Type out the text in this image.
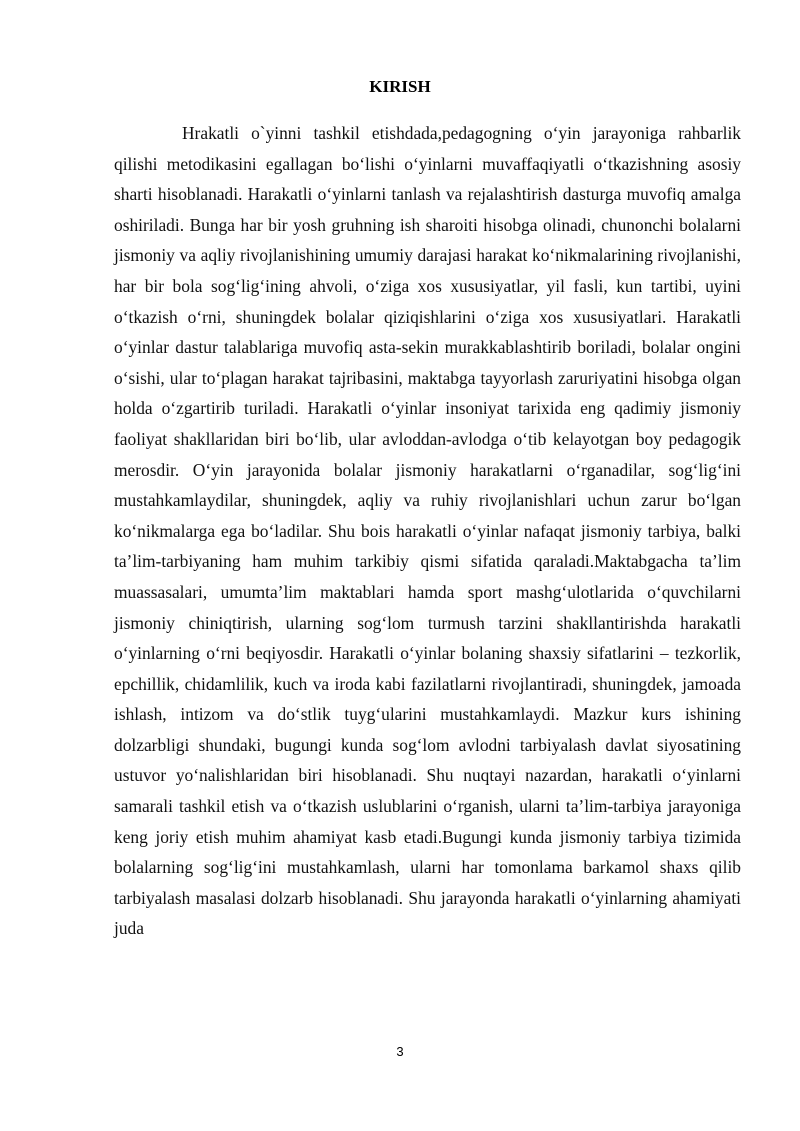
KIRISH

Hrakatli o`yinni tashkil etishdada,pedagogning o‘yin jarayoniga rahbarlik qilishi metodikasini egallagan bo‘lishi o‘yinlarni muvaffaqiyatli o‘tkazishning asosiy sharti hisoblanadi. Harakatli o‘yinlarni tanlash va rejalashtirish dasturga muvofiq amalga oshiriladi. Bunga har bir yosh gruhning ish sharoiti hisobga olinadi, chunonchi bolalarni jismoniy va aqliy rivojlanishining umumiy darajasi harakat ko‘nikmalarining rivojlanishi, har bir bola sog‘lig‘ining ahvoli, o‘ziga xos xususiyatlar, yil fasli, kun tartibi, uyini o‘tkazish o‘rni, shuningdek bolalar qiziqishlarini o‘ziga xos xususiyatlari. Harakatli o‘yinlar dastur talablariga muvofiq asta-sekin murakkablashtirib boriladi, bolalar ongini o‘sishi, ular to‘plagan harakat tajribasini, maktabga tayyorlash zaruriyatini hisobga olgan holda o‘zgartirib turiladi. Harakatli o‘yinlar insoniyat tarixida eng qadimiy jismoniy faoliyat shakllaridan biri bo‘lib, ular avloddan-avlodga o‘tib kelayotgan boy pedagogik merosdir. O‘yin jarayonida bolalar jismoniy harakatlarni o‘rganadilar, sog‘lig‘ini mustahkamlaydilar, shuningdek, aqliy va ruhiy rivojlanishlari uchun zarur bo‘lgan ko‘nikmalarga ega bo‘ladilar. Shu bois harakatli o‘yinlar nafaqat jismoniy tarbiya, balki ta’lim-tarbiyaning ham muhim tarkibiy qismi sifatida qaraladi.Maktabgacha ta’lim muassasalari, umumta’lim maktablari hamda sport mashg‘ulotlarida o‘quvchilarni jismoniy chiniqtirish, ularning sog‘lom turmush tarzini shakllantirishda harakatli o‘yinlarning o‘rni beqiyosdir. Harakatli o‘yinlar bolaning shaxsiy sifatlarini – tezkorlik, epchillik, chidamlilik, kuch va iroda kabi fazilatlarni rivojlantiradi, shuningdek, jamoada ishlash, intizom va do‘stlik tuyg‘ularini mustahkamlaydi. Mazkur kurs ishining dolzarbligi shundaki, bugungi kunda sog‘lom avlodni tarbiyalash davlat siyosatining ustuvor yo‘nalishlaridan biri hisoblanadi. Shu nuqtayi nazardan, harakatli o‘yinlarni samarali tashkil etish va o‘tkazish uslublarini o‘rganish, ularni ta’lim-tarbiya jarayoniga keng joriy etish muhim ahamiyat kasb etadi.Bugungi kunda jismoniy tarbiya tizimida bolalarning sog‘lig‘ini mustahkamlash, ularni har tomonlama barkamol shaxs qilib tarbiyalash masalasi dolzarb hisoblanadi. Shu jarayonda harakatli o‘yinlarning ahamiyati juda

3
